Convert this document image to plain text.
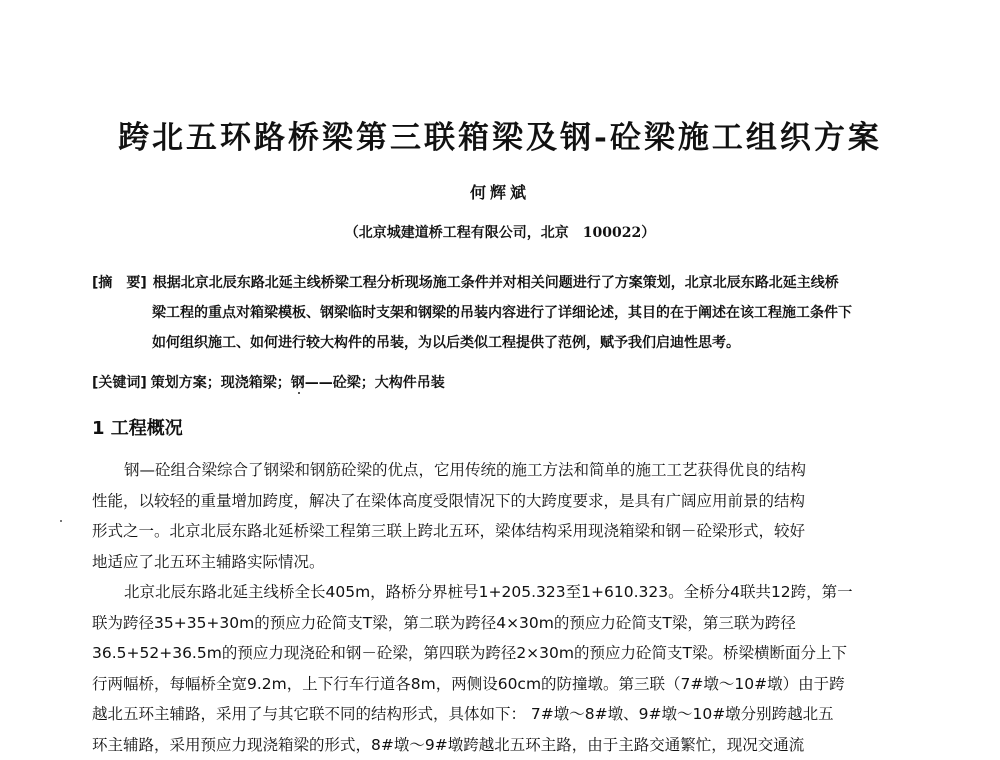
跨北五环路桥梁第三联箱梁及钢-砼梁施工组织方案
何辉斌
（北京城建道桥工程有限公司，北京　100022）
[摘　要] 根据北京北辰东路北延主线桥梁工程分析现场施工条件并对相关问题进行了方案策划，北京北辰东路北延主线桥
梁工程的重点对箱梁模板、钢梁临时支架和钢梁的吊装内容进行了详细论述，其目的在于阐述在该工程施工条件下
如何组织施工、如何进行较大构件的吊装，为以后类似工程提供了范例，赋予我们启迪性思考。
[关键词] 策划方案；现浇箱梁；钢——砼梁；大构件吊装
1 工程概况
钢—砼组合梁综合了钢梁和钢筋砼梁的优点，它用传统的施工方法和简单的施工工艺获得优良的结构
性能，以较轻的重量增加跨度，解决了在梁体高度受限情况下的大跨度要求，是具有广阔应用前景的结构
形式之一。北京北辰东路北延桥梁工程第三联上跨北五环，梁体结构采用现浇箱梁和钢－砼梁形式，较好
地适应了北五环主辅路实际情况。
北京北辰东路北延主线桥全长405m，路桥分界桩号1+205.323至1+610.323。全桥分4联共12跨，第一
联为跨径35+35+30m的预应力砼简支T梁，第二联为跨径4×30m的预应力砼简支T梁，第三联为跨径
36.5+52+36.5m的预应力现浇砼和钢－砼梁，第四联为跨径2×30m的预应力砼简支T梁。桥梁横断面分上下
行两幅桥，每幅桥全宽9.2m，上下行车行道各8m，两侧设60cm的防撞墩。第三联（7#墩～10#墩）由于跨
越北五环主辅路，采用了与其它联不同的结构形式，具体如下： 7#墩～8#墩、9#墩～10#墩分别跨越北五
环主辅路，采用预应力现浇箱梁的形式，8#墩～9#墩跨越北五环主路，由于主路交通繁忙，现况交通流
